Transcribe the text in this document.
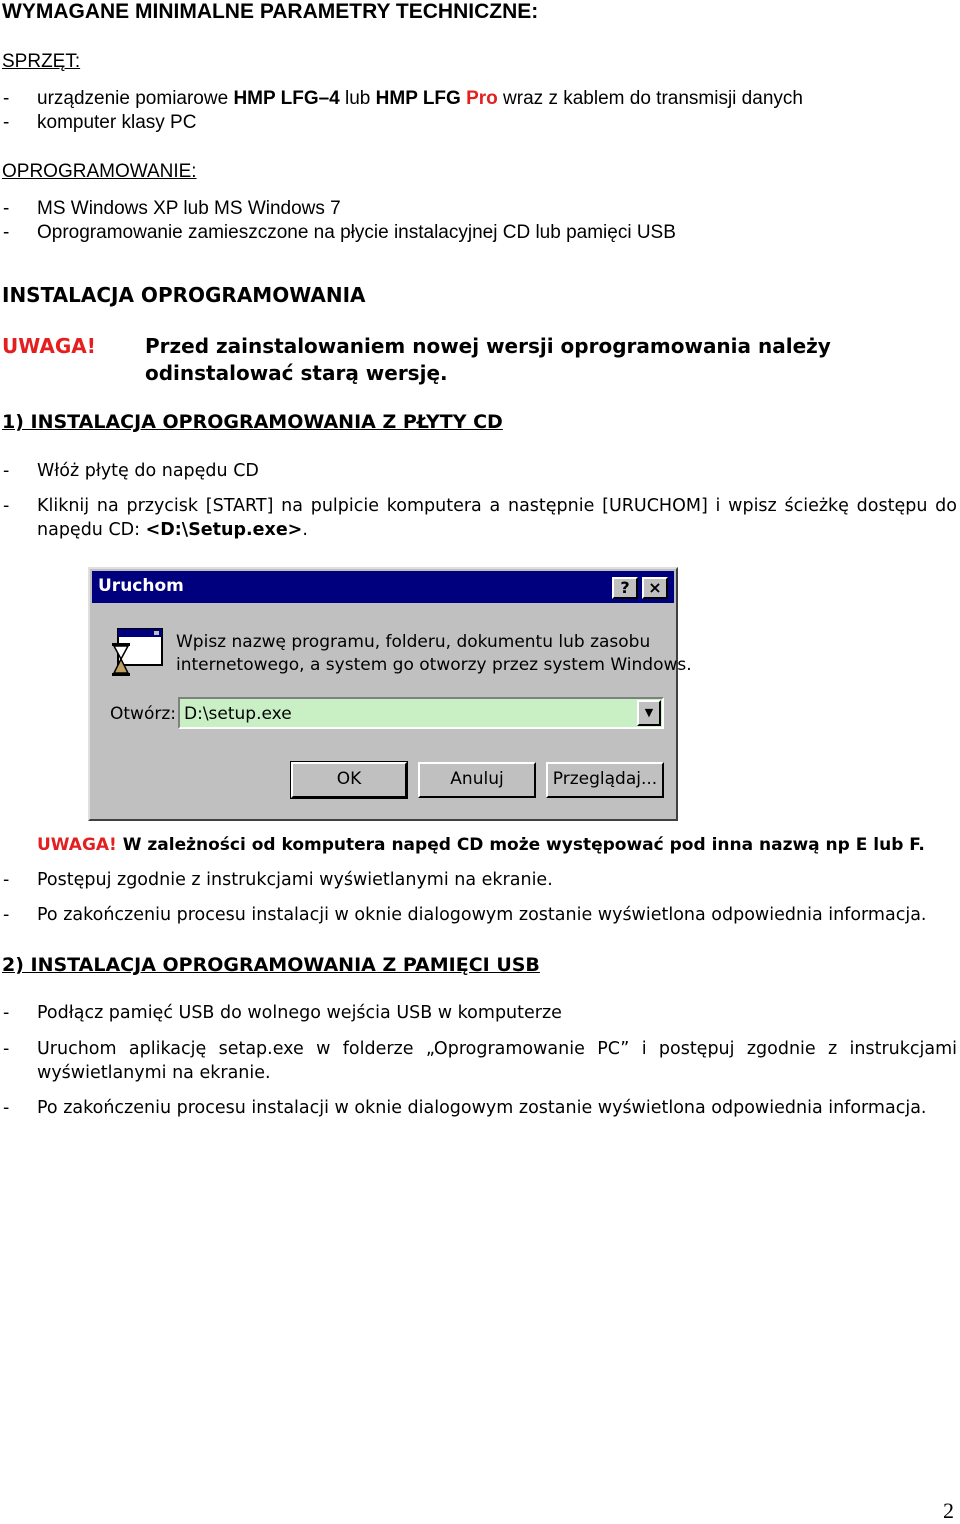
WYMAGANE MINIMALNE PARAMETRY TECHNICZNE:
SPRZĘT:
- urządzenie pomiarowe HMP LFG–4 lub HMP LFG Pro wraz z kablem do transmisji danych
- komputer klasy PC
OPROGRAMOWANIE:
- MS Windows XP lub MS Windows 7
- Oprogramowanie zamieszczone na płycie instalacyjnej CD lub pamięci USB
INSTALACJA OPROGRAMOWANIA
UWAGA! Przed zainstalowaniem nowej wersji oprogramowania należy
odinstalować starą wersję.
1) INSTALACJA OPROGRAMOWANIA Z PŁYTY CD
- Włóż płytę do napędu CD
- Kliknij na przycisk [START] na pulpicie komputera a następnie [URUCHOM] i wpisz ścieżkę dostępu do
napędu CD: <D:\Setup.exe>.
Uruchom	?	×
Wpisz nazwę programu, folderu, dokumentu lub zasobu
internetowego, a system go otworzy przez system Windows.
Otwórz: D:\setup.exe	▼
OK	Anuluj	Przeglądaj...
UWAGA! W zależności od komputera napęd CD może występować pod inna nazwą np E lub F.
- Postępuj zgodnie z instrukcjami wyświetlanymi na ekranie.
- Po zakończeniu procesu instalacji w oknie dialogowym zostanie wyświetlona odpowiednia informacja.
2) INSTALACJA OPROGRAMOWANIA Z PAMIĘCI USB
- Podłącz pamięć USB do wolnego wejścia USB w komputerze
- Uruchom aplikację setap.exe w folderze „Oprogramowanie PC” i postępuj zgodnie z instrukcjami
wyświetlanymi na ekranie.
- Po zakończeniu procesu instalacji w oknie dialogowym zostanie wyświetlona odpowiednia informacja.
2
